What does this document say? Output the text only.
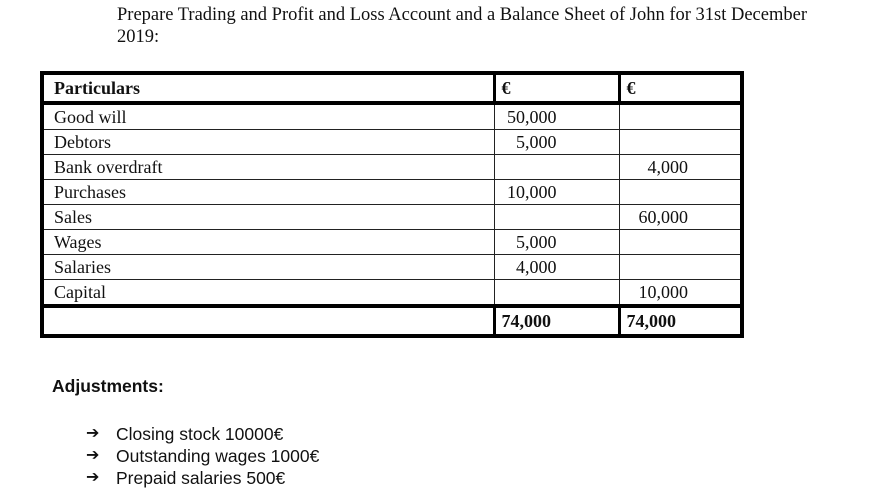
Prepare Trading and Profit and Loss Account and a Balance Sheet of John for 31st December
2019:
Particulars	€	€
Good will	50,000	
Debtors	5,000	
Bank overdraft		4,000
Purchases	10,000	
Sales		60,000
Wages	5,000	
Salaries	4,000	
Capital		10,000
	74,000	74,000
Adjustments:
➔ Closing stock 10000€
➔ Outstanding wages 1000€
➔ Prepaid salaries 500€
